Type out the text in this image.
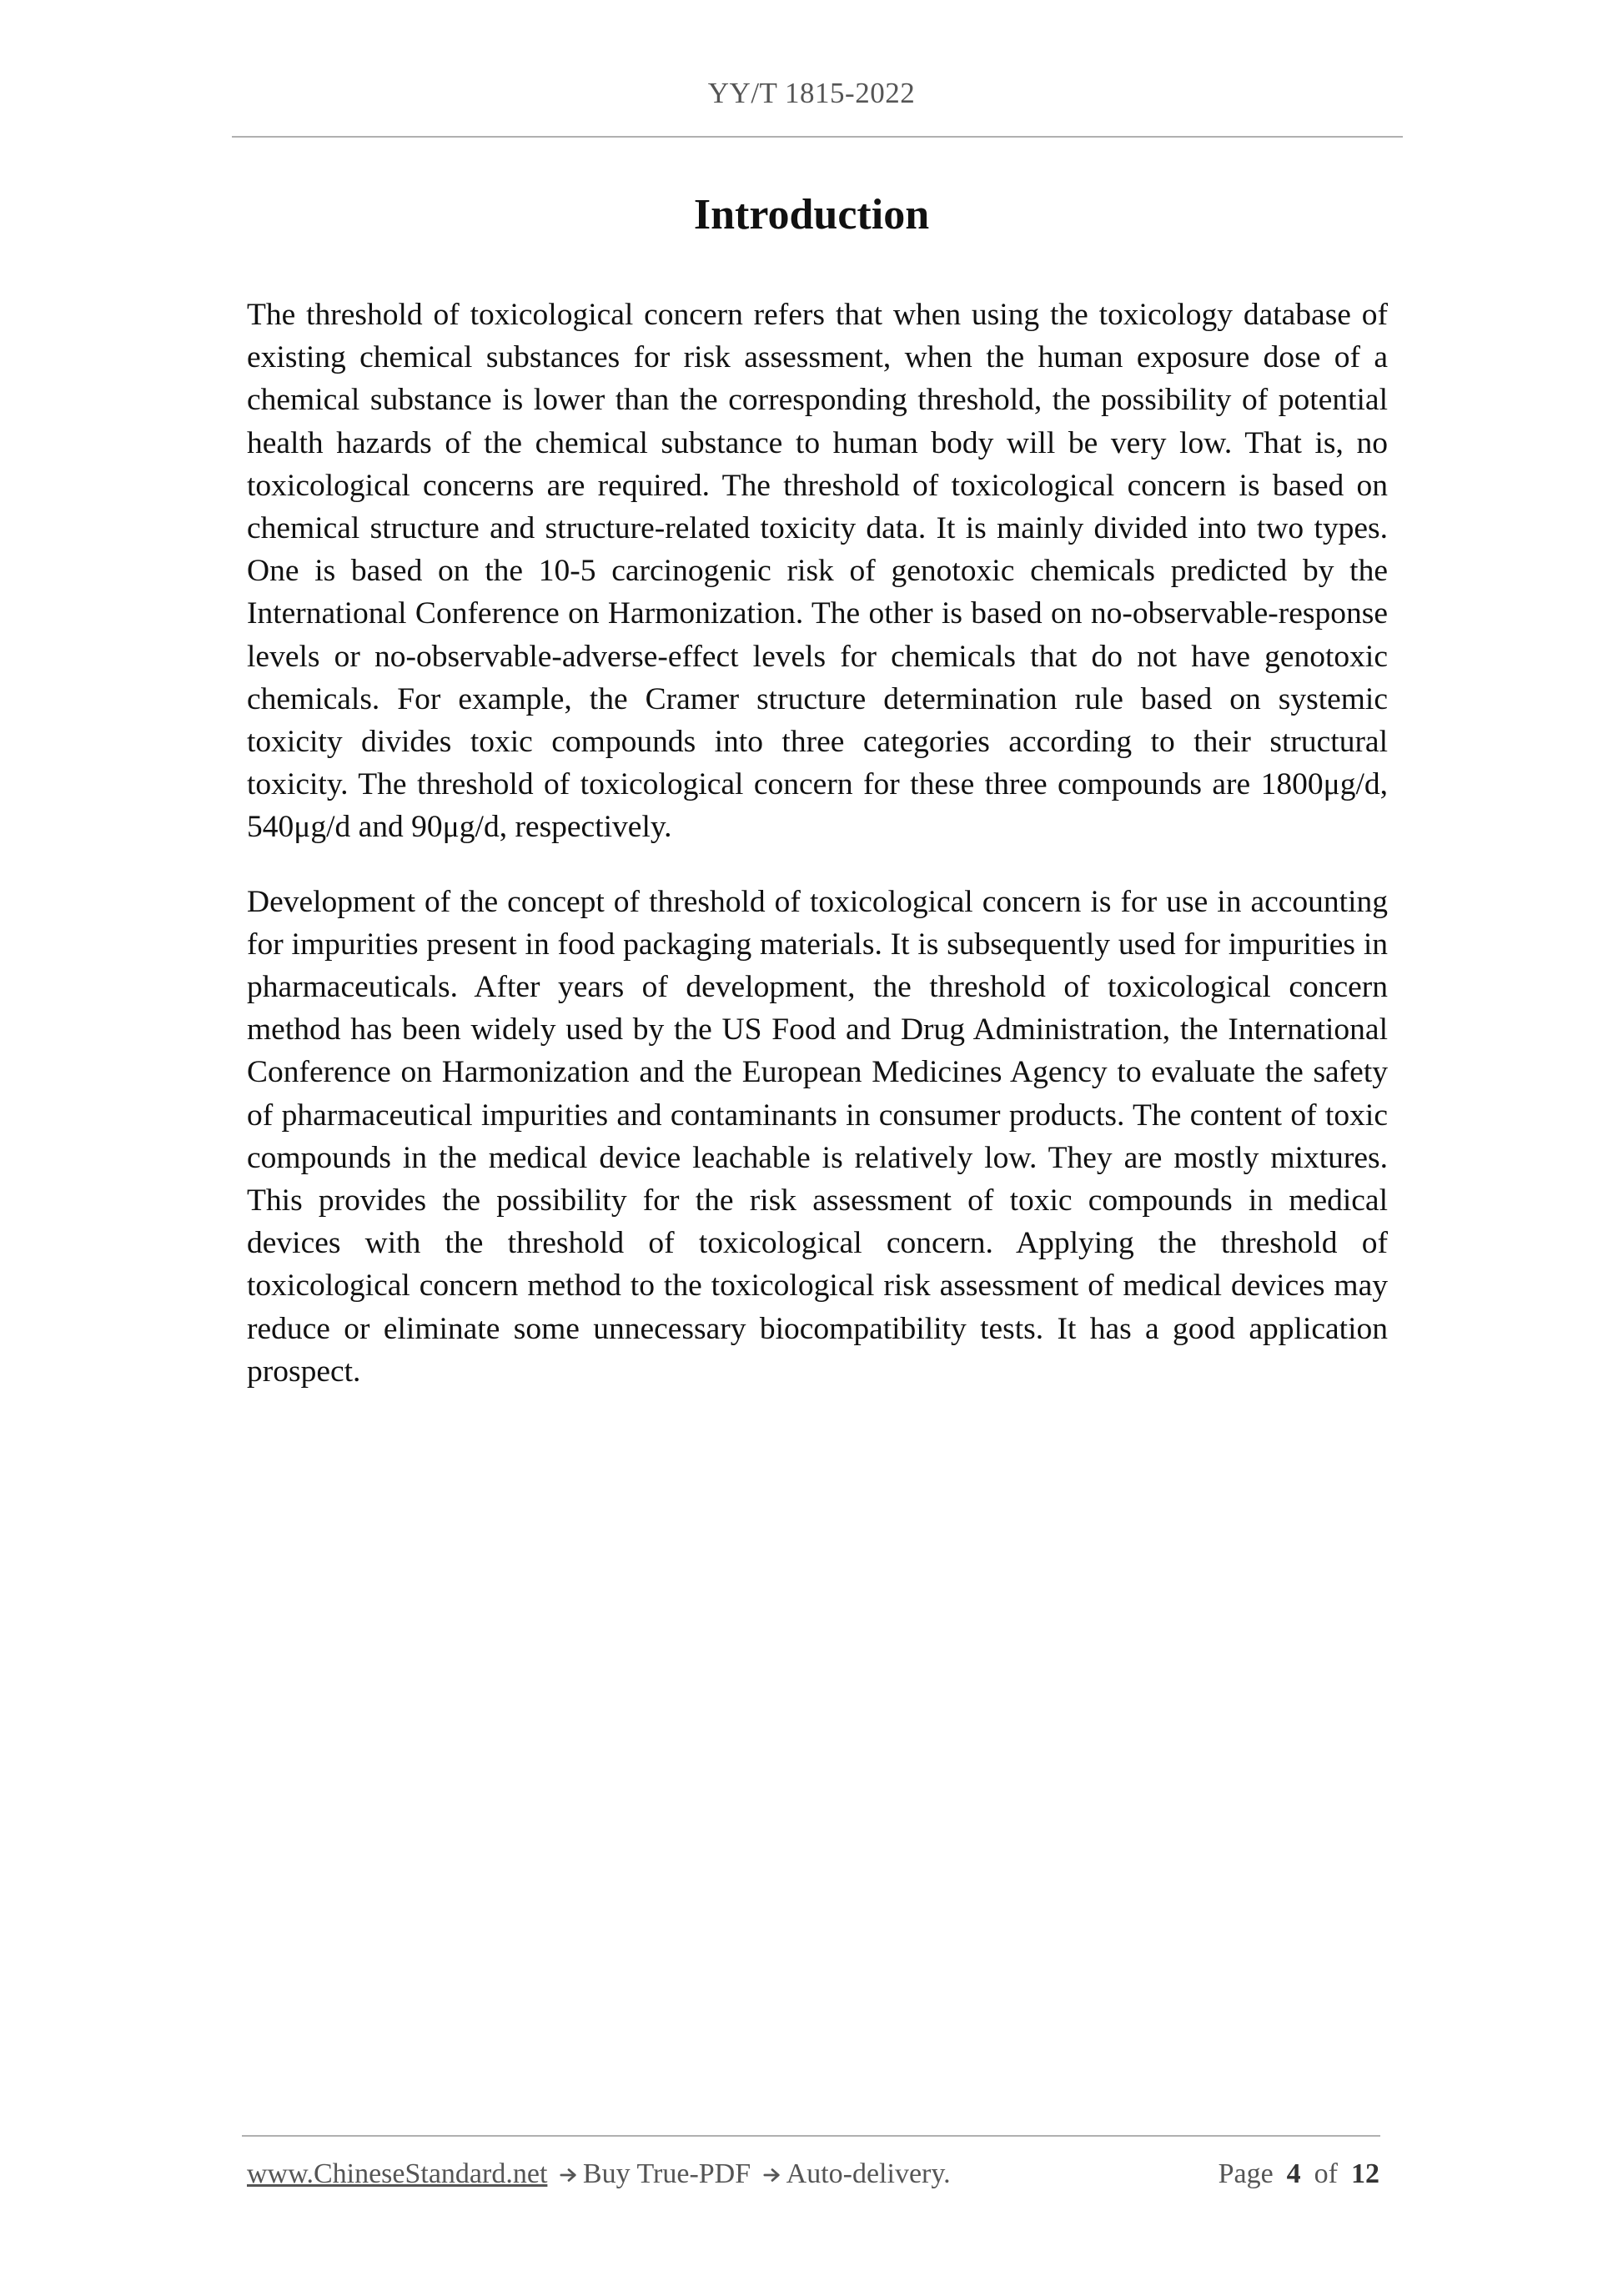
YY/T 1815-2022
Introduction

The threshold of toxicological concern refers that when using the toxicology database of existing chemical substances for risk assessment, when the human exposure dose of a chemical substance is lower than the corresponding threshold, the possibility of potential health hazards of the chemical substance to human body will be very low. That is, no toxicological concerns are required. The threshold of toxicological concern is based on chemical structure and structure-related toxicity data. It is mainly divided into two types. One is based on the 10-5 carcinogenic risk of genotoxic chemicals predicted by the International Conference on Harmonization. The other is based on no-observable-response levels or no-observable-adverse-effect levels for chemicals that do not have genotoxic chemicals. For example, the Cramer structure determination rule based on systemic toxicity divides toxic compounds into three categories according to their structural toxicity. The threshold of toxicological concern for these three compounds are 1800μg/d, 540μg/d and 90μg/d, respectively.

Development of the concept of threshold of toxicological concern is for use in accounting for impurities present in food packaging materials. It is subsequently used for impurities in pharmaceuticals. After years of development, the threshold of toxicological concern method has been widely used by the US Food and Drug Administration, the International Conference on Harmonization and the European Medicines Agency to evaluate the safety of pharmaceutical impurities and contaminants in consumer products. The content of toxic compounds in the medical device leachable is relatively low. They are mostly mixtures. This provides the possibility for the risk assessment of toxic compounds in medical devices with the threshold of toxicological concern. Applying the threshold of toxicological concern method to the toxicological risk assessment of medical devices may reduce or eliminate some unnecessary biocompatibility tests. It has a good application prospect.

www.ChineseStandard.net Buy True-PDF Auto-delivery.	Page 4 of 12
